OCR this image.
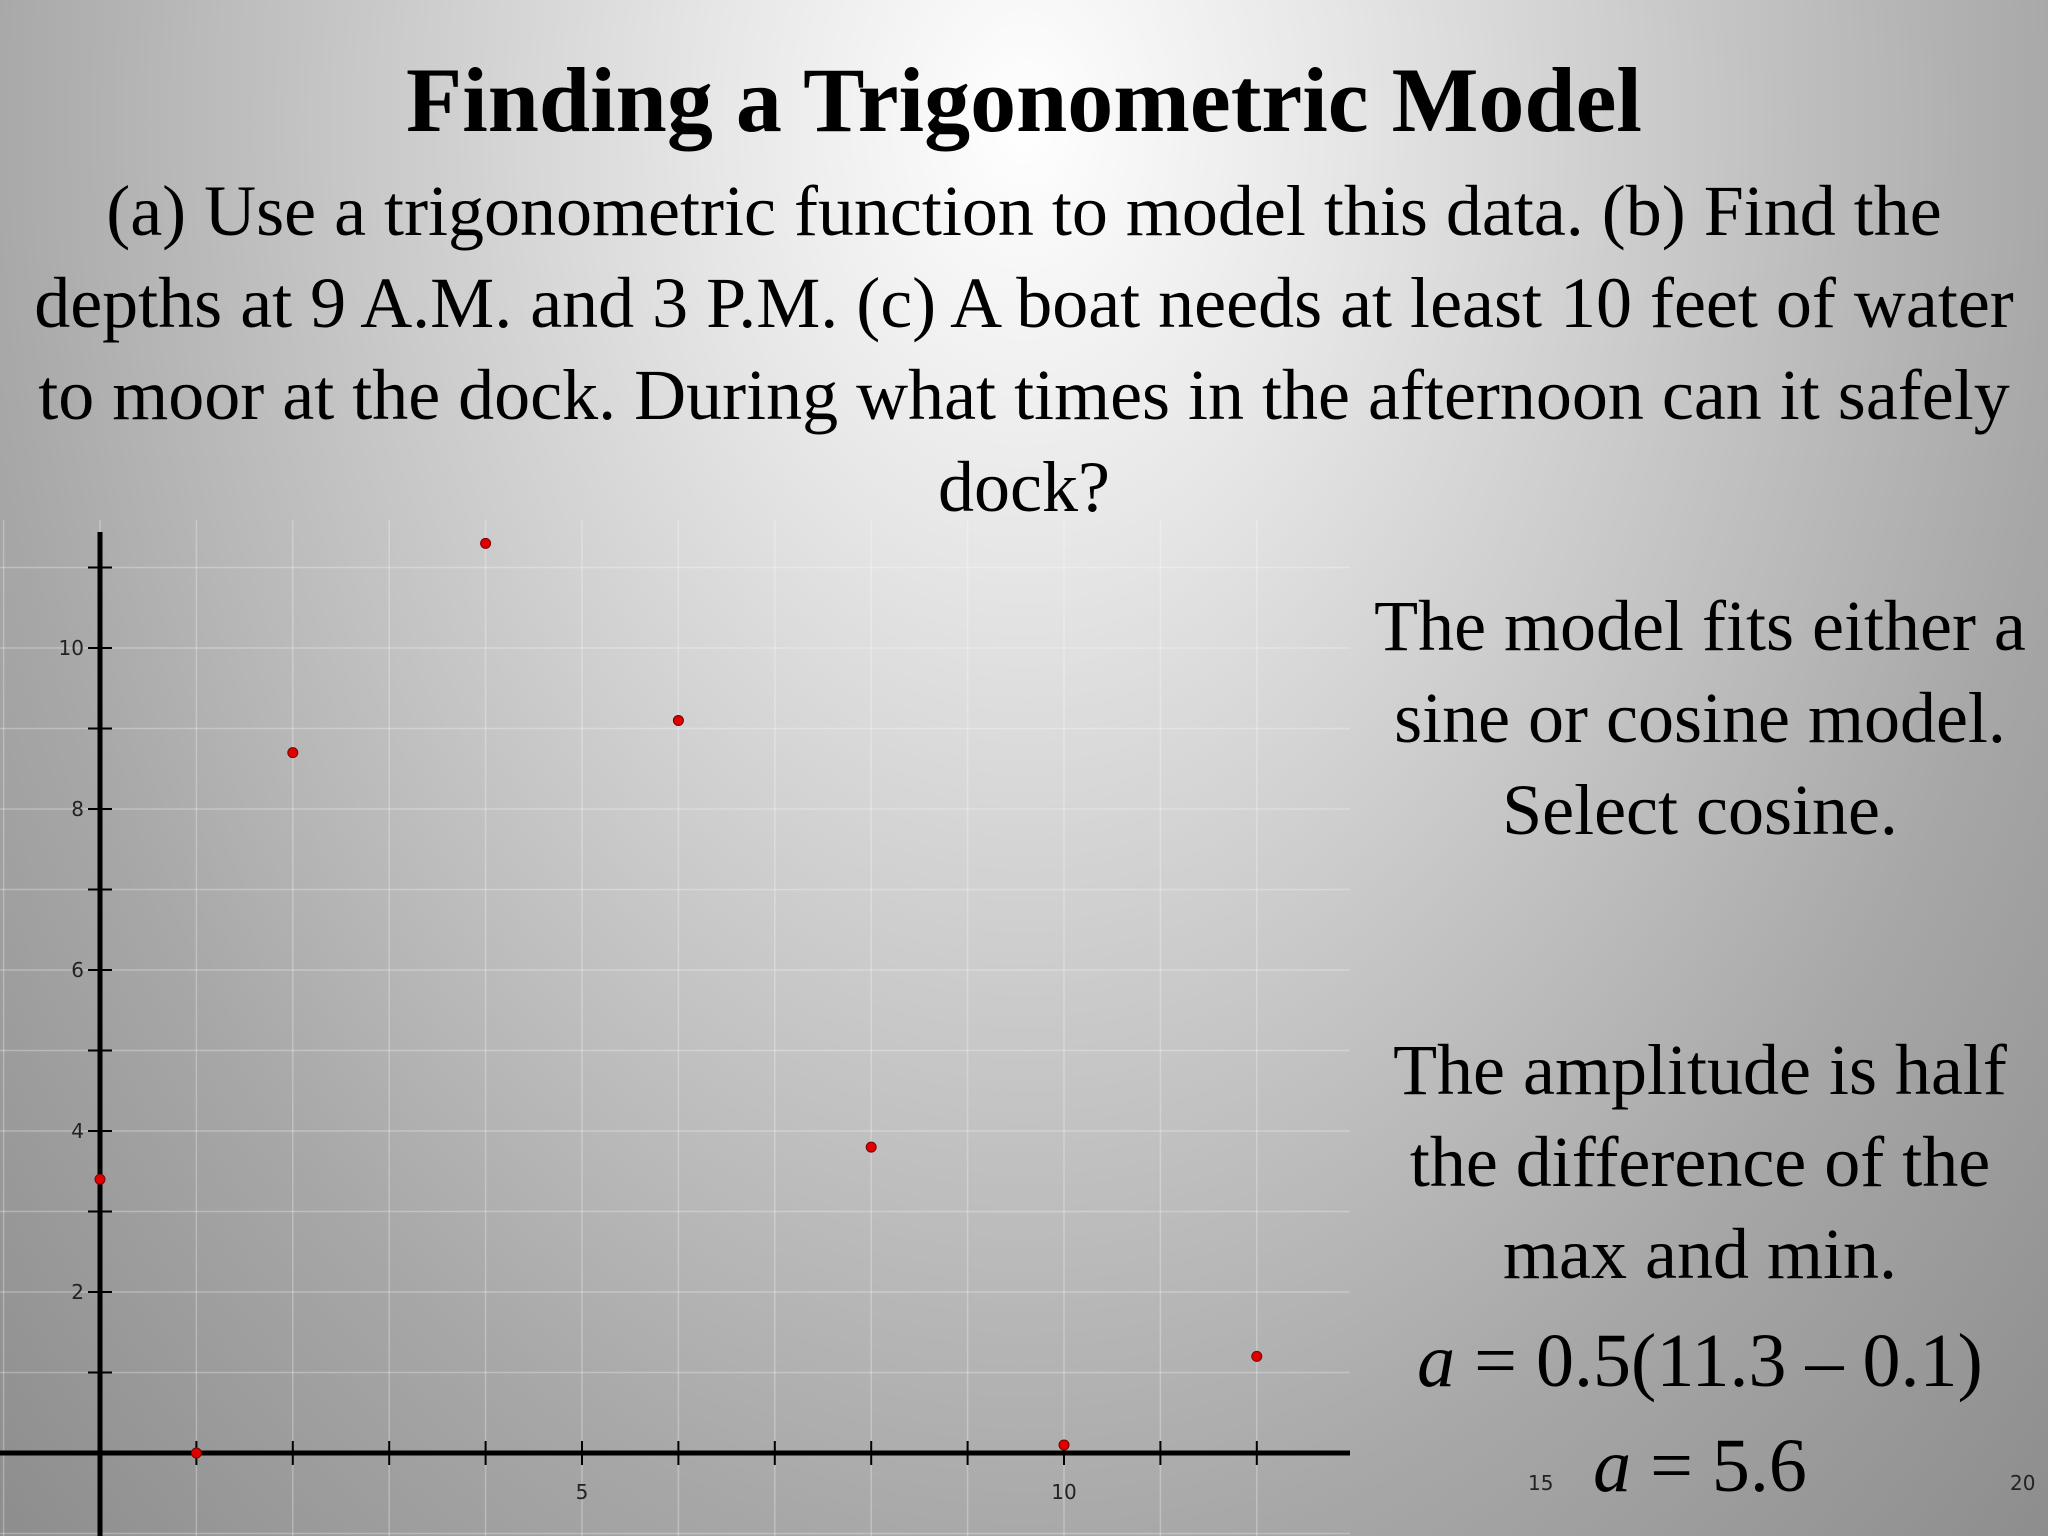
Finding a Trigonometric Model

(a) Use a trigonometric function to model this data. (b) Find the depths at 9 A.M. and 3 P.M. (c) A boat needs at least 10 feet of water to moor at the dock. During what times in the afternoon can it safely dock?

2
4
6
8
10
5	10	15	20

The model fits either a sine or cosine model. Select cosine.

The amplitude is half the difference of the max and min.

a = 0.5(11.3 – 0.1)

a = 5.6
